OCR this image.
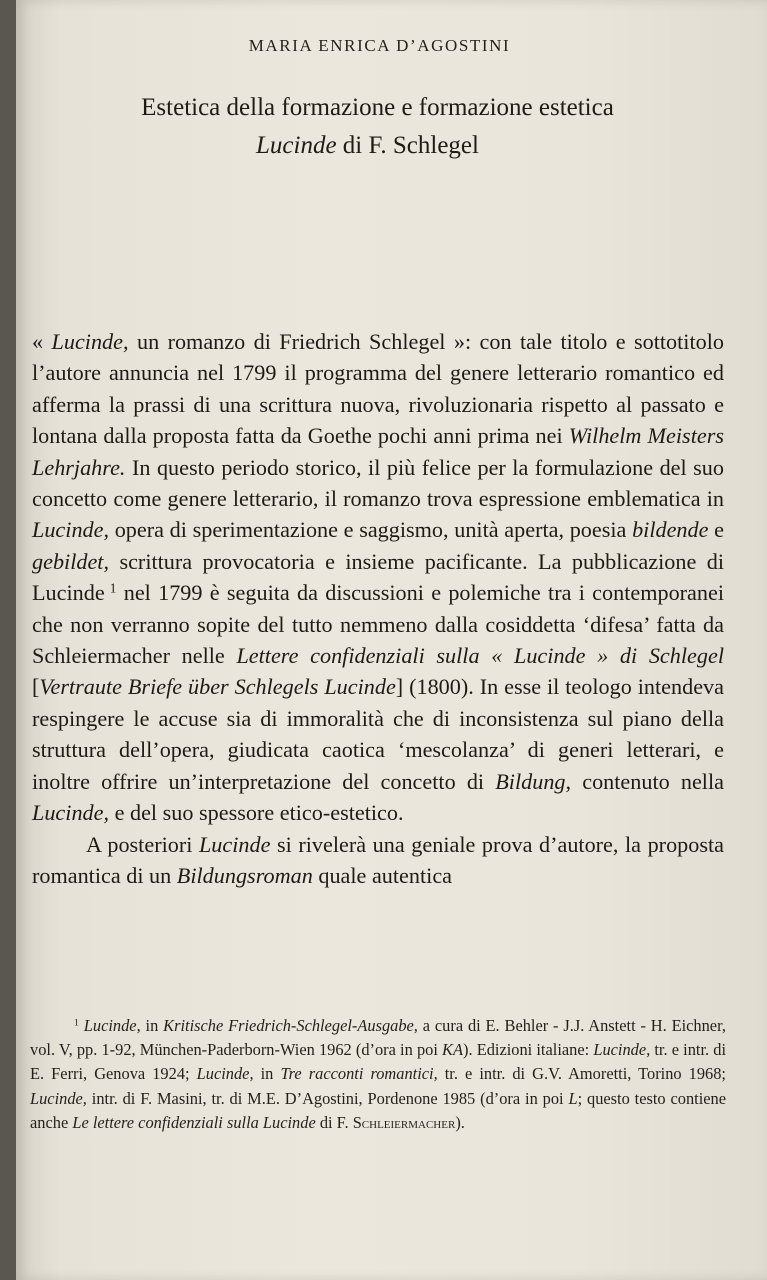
MARIA ENRICA D’AGOSTINI
Estetica della formazione e formazione estetica
Lucinde di F. Schlegel

« Lucinde, un romanzo di Friedrich Schlegel »: con tale titolo e sottotitolo l’autore annuncia nel 1799 il programma del genere letterario romantico ed afferma la prassi di una scrittura nuova, rivoluzionaria rispetto al passato e lontana dalla proposta fatta da Goethe pochi anni prima nei Wilhelm Meisters Lehrjahre. In questo periodo storico, il più felice per la formulazione del suo concetto come genere letterario, il romanzo trova espressione emblematica in Lucinde, opera di sperimentazione e saggismo, unità aperta, poesia bildende e gebildet, scrittura provocatoria e insieme pacificante. La pubblicazione di Lucinde $^1$ nel 1799 è seguita da discussioni e polemiche tra i contemporanei che non verranno sopite del tutto nemmeno dalla cosiddetta ‘difesa’ fatta da Schleiermacher nelle Lettere confidenziali sulla « Lucinde » di Schlegel [Vertraute Briefe über Schlegels Lucinde] (1800). In esse il teologo intendeva respingere le accuse sia di immoralità che di inconsistenza sul piano della struttura dell’opera, giudicata caotica ‘mescolanza’ di generi letterari, e inoltre offrire un’interpretazione del concetto di Bildung, contenuto nella Lucinde, e del suo spessore etico-estetico.

A posteriori Lucinde si rivelerà una geniale prova d’autore, la proposta romantica di un Bildungsroman quale autentica

$^1$ Lucinde, in Kritische Friedrich-Schlegel-Ausgabe, a cura di E. Behler - J.J. Anstett - H. Eichner, vol. V, pp. 1-92, München-Paderborn-Wien 1962 (d’ora in poi KA). Edizioni italiane: Lucinde, tr. e intr. di E. Ferri, Genova 1924; Lucinde, in Tre racconti romantici, tr. e intr. di G.V. Amoretti, Torino 1968; Lucinde, intr. di F. Masini, tr. di M.E. D’Agostini, Pordenone 1985 (d’ora in poi L; questo testo contiene anche Le lettere confidenziali sulla Lucinde di F. Schleiermacher).
